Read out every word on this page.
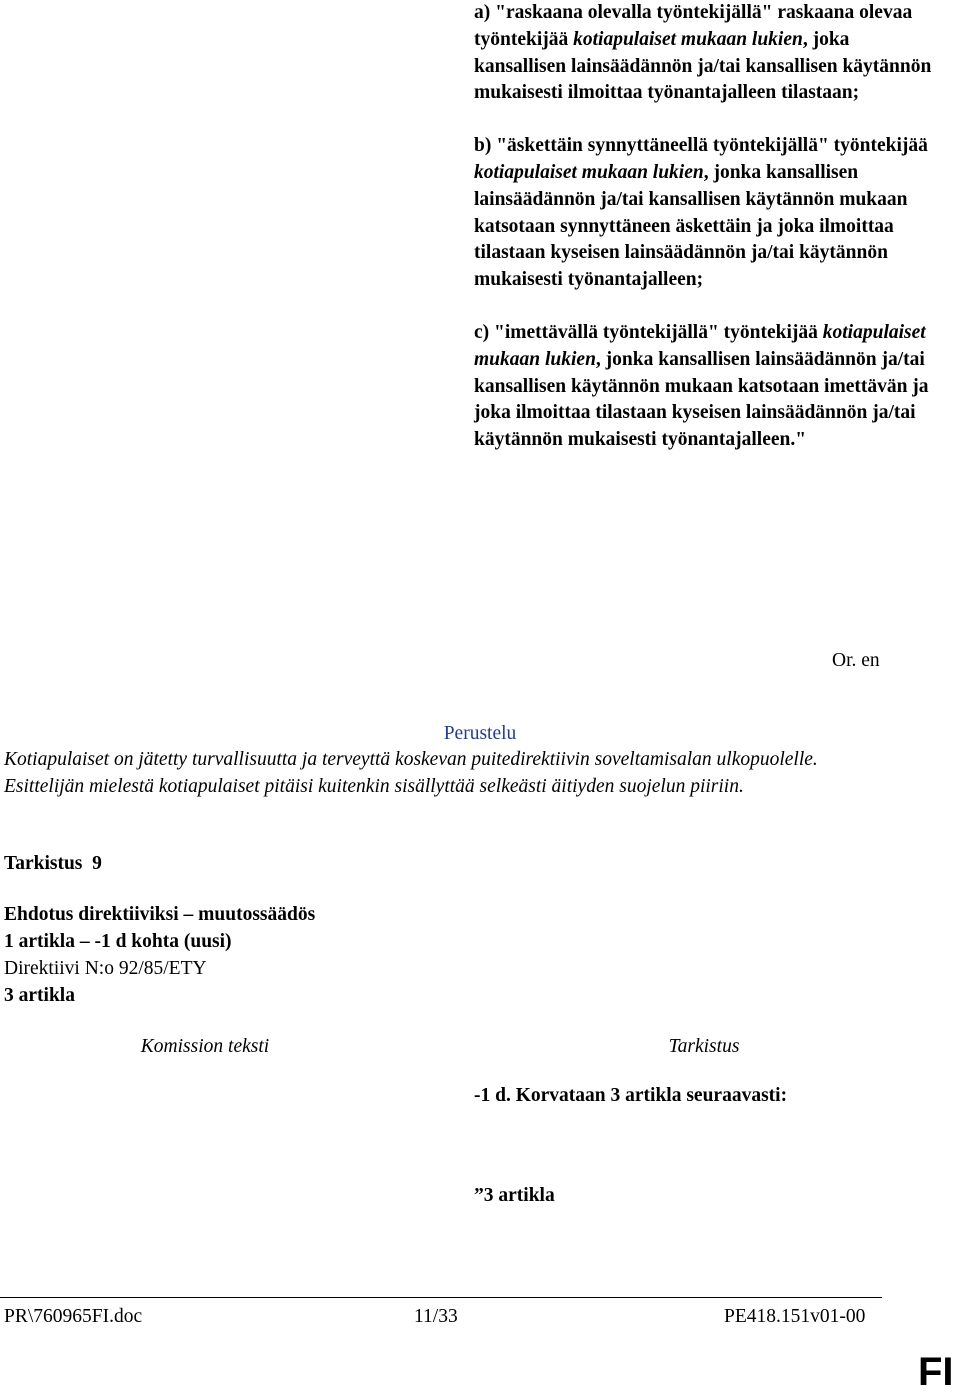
a) "raskaana olevalla työntekijällä" raskaana olevaa työntekijää kotiapulaiset mukaan lukien, joka kansallisen lainsäädännön ja/tai kansallisen käytännön mukaisesti ilmoittaa työnantajalleen tilastaan;

b) "äskettäin synnyttäneellä työntekijällä" työntekijää kotiapulaiset mukaan lukien, jonka kansallisen lainsäädännön ja/tai kansallisen käytännön mukaan katsotaan synnyttäneen äskettäin ja joka ilmoittaa tilastaan kyseisen lainsäädännön ja/tai käytännön mukaisesti työnantajalleen;

c) "imettävällä työntekijällä" työntekijää kotiapulaiset mukaan lukien, jonka kansallisen lainsäädännön ja/tai kansallisen käytännön mukaan katsotaan imettävän ja joka ilmoittaa tilastaan kyseisen lainsäädännön ja/tai käytännön mukaisesti työnantajalleen."

Or. en
Perustelu
Kotiapulaiset on jätetty turvallisuutta ja terveyttä koskevan puitedirektiivin soveltamisalan ulkopuolelle. Esittelijän mielestä kotiapulaiset pitäisi kuitenkin sisällyttää selkeästi äitiyden suojelun piiriin.
Tarkistus 9
Ehdotus direktiiviksi – muutossäädös
1 artikla – -1 d kohta (uusi)
Direktiivi N:o 92/85/ETY
3 artikla
Komission teksti	Tarkistus
-1 d. Korvataan 3 artikla seuraavasti:
”3 artikla
PR\760965FI.doc	11/33	PE418.151v01-00
FI
